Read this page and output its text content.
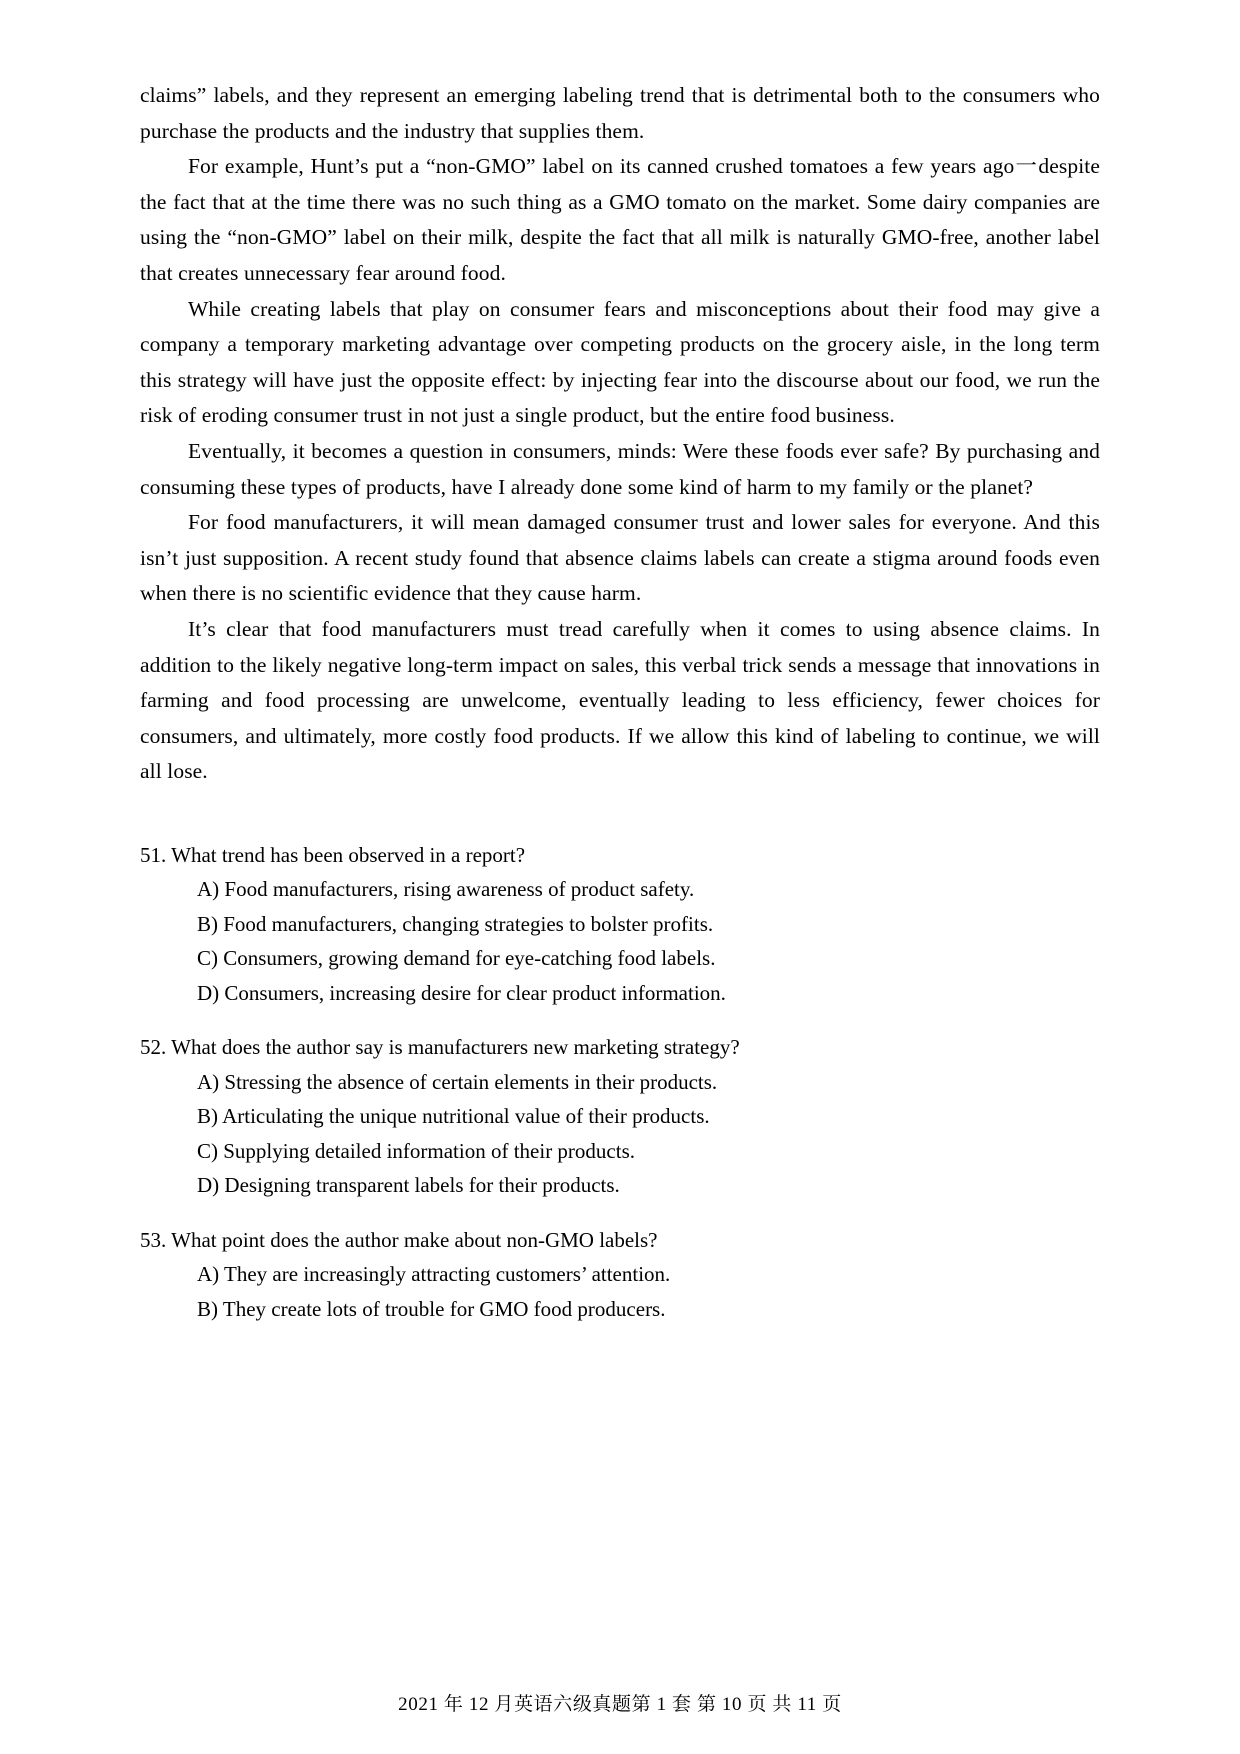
claims” labels, and they represent an emerging labeling trend that is detrimental both to the consumers who purchase the products and the industry that supplies them.

For example, Hunt’s put a “non-GMO” label on its canned crushed tomatoes a few years ago一despite the fact that at the time there was no such thing as a GMO tomato on the market. Some dairy companies are using the “non-GMO” label on their milk, despite the fact that all milk is naturally GMO-free, another label that creates unnecessary fear around food.

While creating labels that play on consumer fears and misconceptions about their food may give a company a temporary marketing advantage over competing products on the grocery aisle, in the long term this strategy will have just the opposite effect: by injecting fear into the discourse about our food, we run the risk of eroding consumer trust in not just a single product, but the entire food business.

Eventually, it becomes a question in consumers, minds: Were these foods ever safe? By purchasing and consuming these types of products, have I already done some kind of harm to my family or the planet?

For food manufacturers, it will mean damaged consumer trust and lower sales for everyone. And this isn’t just supposition. A recent study found that absence claims labels can create a stigma around foods even when there is no scientific evidence that they cause harm.

It’s clear that food manufacturers must tread carefully when it comes to using absence claims. In addition to the likely negative long-term impact on sales, this verbal trick sends a message that innovations in farming and food processing are unwelcome, eventually leading to less efficiency, fewer choices for consumers, and ultimately, more costly food products. If we allow this kind of labeling to continue, we will all lose.

51. What trend has been observed in a report?

A) Food manufacturers, rising awareness of product safety.
B) Food manufacturers, changing strategies to bolster profits.
C) Consumers, growing demand for eye-catching food labels.
D) Consumers, increasing desire for clear product information.

52. What does the author say is manufacturers new marketing strategy?

A) Stressing the absence of certain elements in their products.
B) Articulating the unique nutritional value of their products.
C) Supplying detailed information of their products.
D) Designing transparent labels for their products.

53. What point does the author make about non-GMO labels?

A) They are increasingly attracting customers’ attention.
B) They create lots of trouble for GMO food producers.
2021 年 12 月英语六级真题第 1 套 第 10 页 共 11 页
